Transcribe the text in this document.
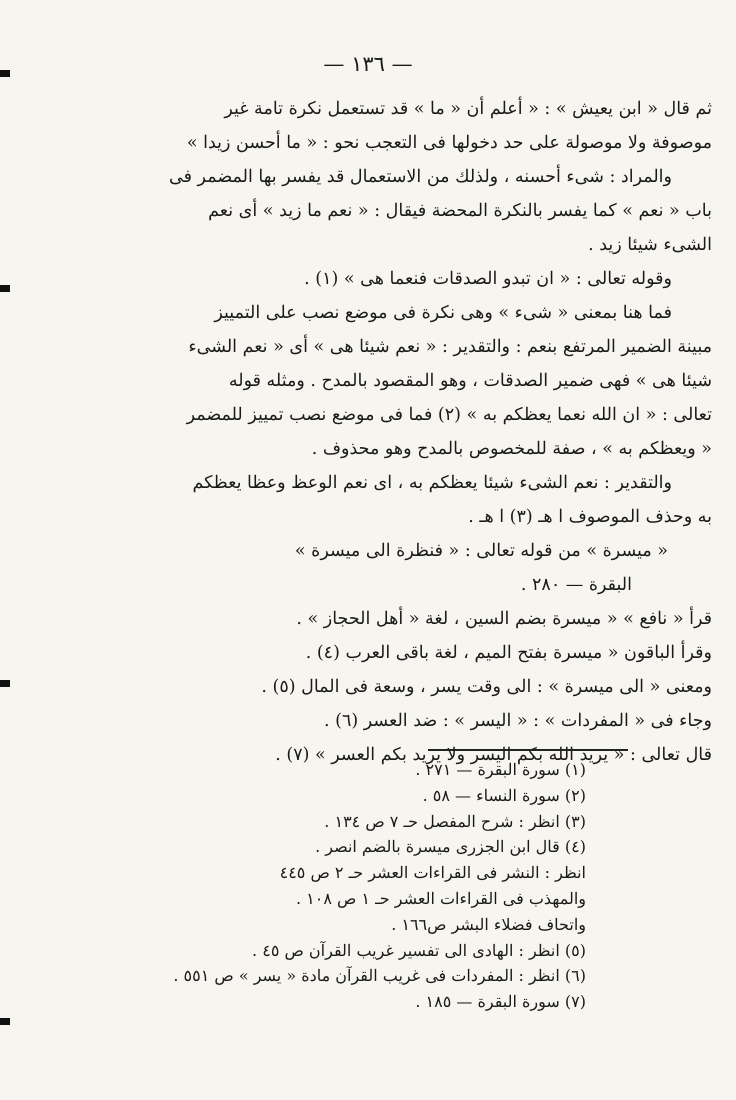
— ١٣٦ —

ثم قال « ابن يعيش » : « أعلم أن « ما » قد تستعمل نكرة تامة غير

موصوفة ولا موصولة على حد دخولها فى التعجب نحو : « ما أحسن زيدا »

والمراد : شىء أحسنه ، ولذلك من الاستعمال قد يفسر بها المضمر فى

باب « نعم » كما يفسر بالنكرة المحضة فيقال : « نعم ما زيد » أى نعم

الشىء شيئا زيد .

وقوله تعالى : « ان تبدو الصدقات فنعما هى » (١) .

فما هنا بمعنى « شىء » وهى نكرة فى موضع نصب على التمييز

مبينة الضمير المرتفع بنعم : والتقدير : « نعم شيئا هى » أى « نعم الشىء

شيئا هى » فهى ضمير الصدقات ، وهو المقصود بالمدح . ومثله قوله

تعالى : « ان الله نعما يعظكم به » (٢) فما فى موضع نصب تمييز للمضمر

« ويعظكم به » ، صفة للمخصوص بالمدح وهو محذوف .

والتقدير : نعم الشىء شيئا يعظكم به ، اى نعم الوعظ وعظا يعظكم

به وحذف الموصوف ا هـ (٣) ا هـ .

« ميسرة » من قوله تعالى : « فنظرة الى ميسرة »

البقرة — ٢٨٠ .

قرأ « نافع » « ميسرة بضم السين ، لغة « أهل الحجاز » .

وقرأ الباقون « ميسرة بفتح الميم ، لغة باقى العرب (٤) .

ومعنى « الى ميسرة » : الى وقت يسر ، وسعة فى المال (٥) .

وجاء فى « المفردات » : « اليسر » : ضد العسر (٦) .

قال تعالى : « يريد الله بكم اليسر ولا يريد بكم العسر » (٧) .

(١) سورة البقرة — ٢٧١ .

(٢) سورة النساء — ٥٨ .

(٣) انظر : شرح المفصل حـ ٧ ص ١٣٤ .

(٤) قال ابن الجزرى ميسرة بالضم انصر .

انظر : النشر فى القراءات العشر حـ ٢ ص ٤٤٥

والمهذب فى القراءات العشر حـ ١ ص ١٠٨ .

واتحاف فضلاء البشر ص١٦٦ .

(٥) انظر : الهادى الى تفسير غريب القرآن ص ٤٥ .

(٦) انظر : المفردات فى غريب القرآن مادة « يسر » ص ٥٥١ .

(٧) سورة البقرة — ١٨٥ .
